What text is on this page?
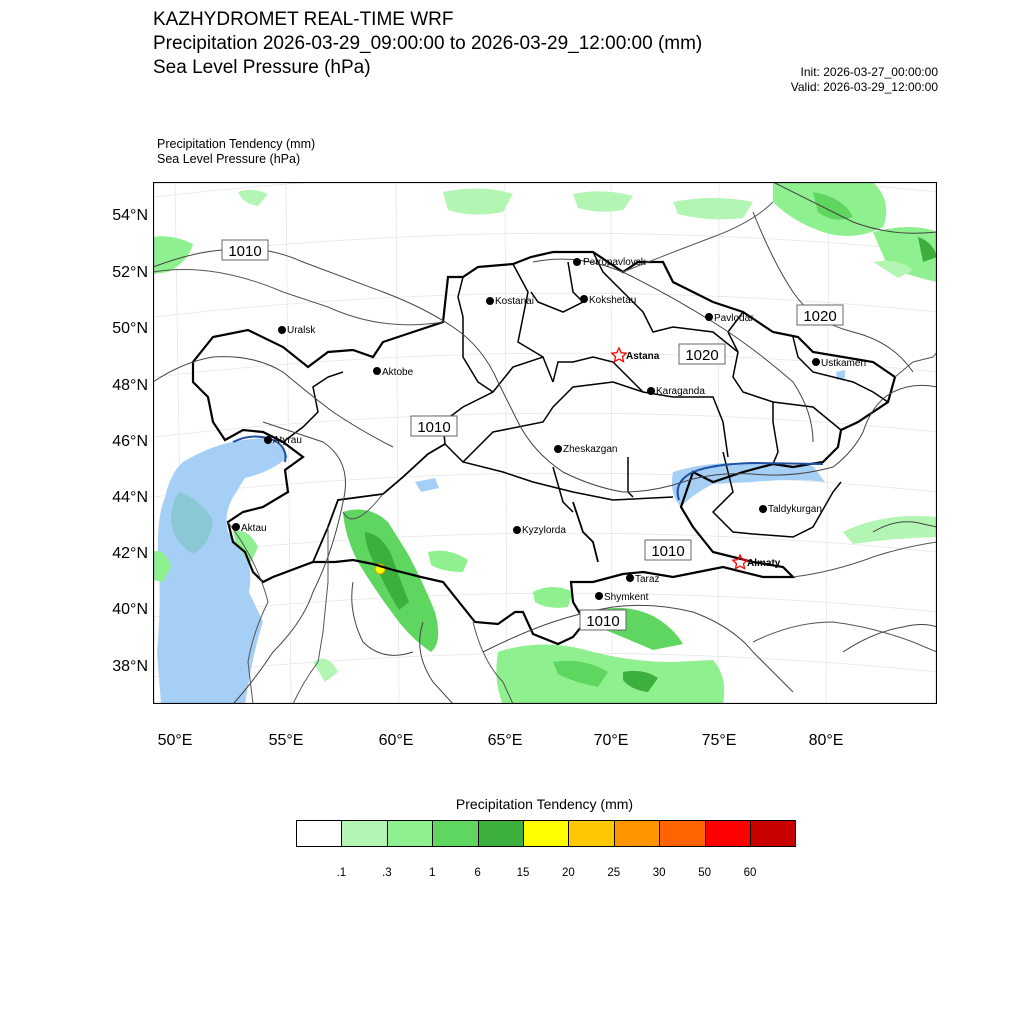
KAZHYDROMET REAL-TIME WRF
Precipitation 2026-03-29_09:00:00 to 2026-03-29_12:00:00 (mm)
Sea Level Pressure (hPa)	Init: 2026-03-27_00:00:00
Valid: 2026-03-29_12:00:00
Precipitation Tendency (mm)
Sea Level Pressure (hPa)
1010
1010
1020
1020
1010
1010
Petropavlovsk
Kostanai	Kokshetau
Pavlodar
Uralsk
Astana
Ustkamen
Aktobe
Karaganda
Atyrau
Zheskazgan
Aktau
Taldykurgan
Kyzylorda
Almaty
Taraz
Shymkent
54°N
52°N
50°N
48°N
46°N
44°N
42°N
40°N
38°N
50°E	55°E	60°E	65°E	70°E	75°E	80°E
Precipitation Tendency (mm)
.1	.3	1	6	15	20	25	30	50	60
